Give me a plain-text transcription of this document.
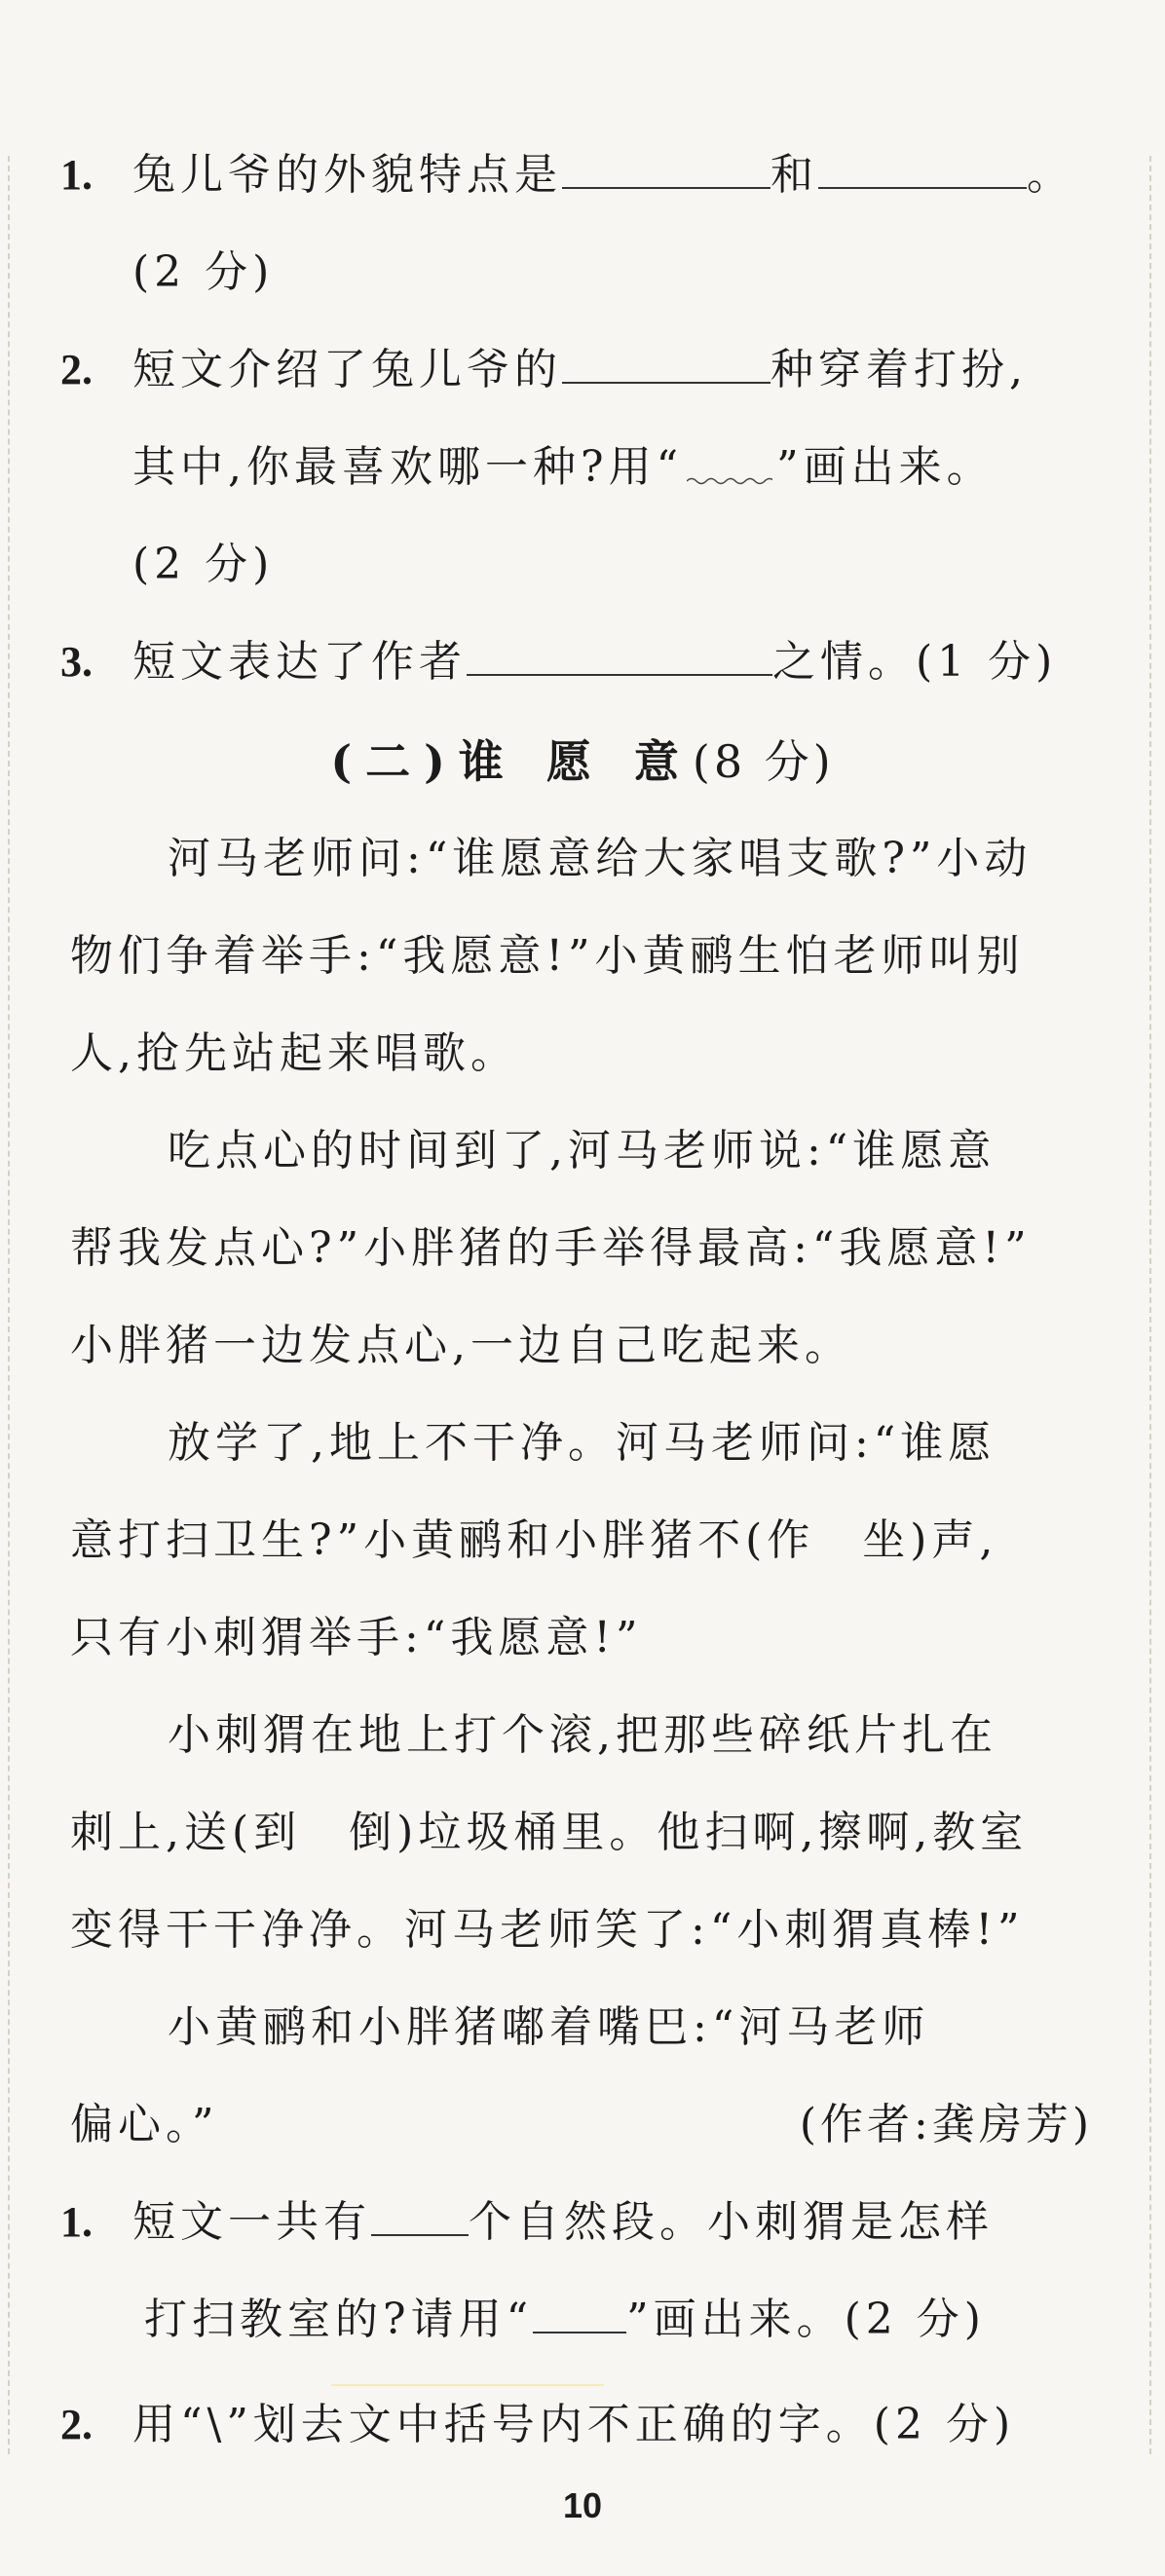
1. 兔儿爷的外貌特点是	和	。
(2 分)
2. 短文介绍了兔儿爷的	种穿着打扮,
其中,你最喜欢哪一种?用“ ”画出来。
(2 分)
3. 短文表达了作者	之情。(1 分)
(二)谁 愿 意(8 分)
河马老师问:“谁愿意给大家唱支歌?”小动
物们争着举手:“我愿意!”小黄鹂生怕老师叫别
人,抢先站起来唱歌。
吃点心的时间到了,河马老师说:“谁愿意
帮我发点心?”小胖猪的手举得最高:“我愿意!”
小胖猪一边发点心,一边自己吃起来。
放学了,地上不干净。河马老师问:“谁愿
意打扫卫生?”小黄鹂和小胖猪不(作　坐)声,
只有小刺猬举手:“我愿意!”
小刺猬在地上打个滚,把那些碎纸片扎在
刺上,送(到　倒)垃圾桶里。他扫啊,擦啊,教室
变得干干净净。河马老师笑了:“小刺猬真棒!”
小黄鹂和小胖猪嘟着嘴巴:“河马老师
偏心。”	(作者:龚房芳)
1. 短文一共有 个自然段。小刺猬是怎样
打扫教室的?请用“ ”画出来。(2 分)
2. 用“\”划去文中括号内不正确的字。(2 分)
10
